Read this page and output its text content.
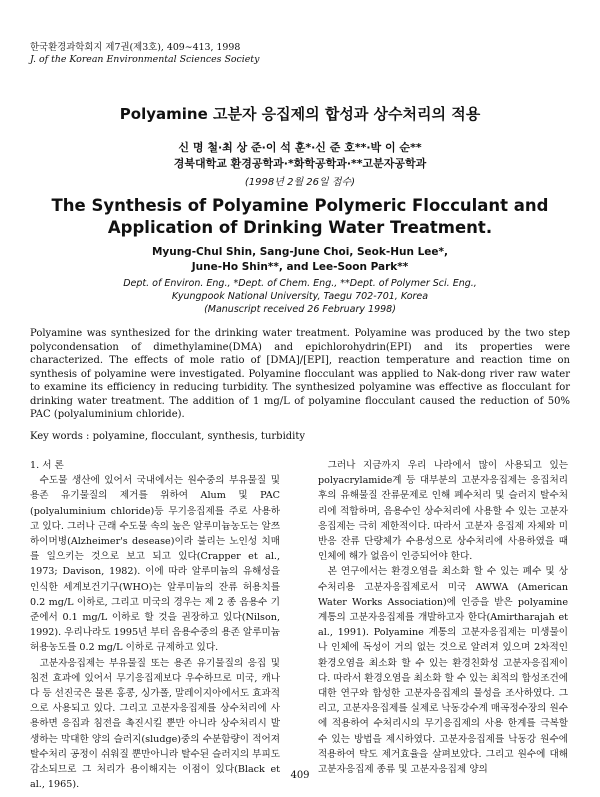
한국환경과학회지 제7권(제3호), 409∼413, 1998
J. of the Korean Environmental Sciences Society
Polyamine 고분자 응집제의 합성과 상수처리의 적용
신 명 철·최 상 준·이 석 훈*·신 준 호**·박 이 순**
경북대학교 환경공학과·*화학공학과·**고분자공학과
(1998년 2월 26일 접수)
The Synthesis of Polyamine Polymeric Flocculant and
Application of Drinking Water Treatment.
Myung-Chul Shin, Sang-June Choi, Seok-Hun Lee*,
June-Ho Shin**, and Lee-Soon Park**
Dept. of Environ. Eng., *Dept. of Chem. Eng., **Dept. of Polymer Sci. Eng.,
Kyungpook National University, Taegu 702-701, Korea
(Manuscript received 26 February 1998)
Polyamine was synthesized for the drinking water treatment. Polyamine was produced by the two step polycondensation of dimethylamine(DMA) and epichlorohydrin(EPI) and its properties were characterized. The effects of mole ratio of [DMA]/[EPI], reaction temperature and reaction time on synthesis of polyamine were investigated. Polyamine flocculant was applied to Nak-dong river raw water to examine its efficiency in reducing turbidity. The synthesized polyamine was effective as flocculant for drinking water treatment. The addition of 1 mg/L of polyamine flocculant caused the reduction of 50% PAC (polyaluminium chloride).
Key words : polyamine, flocculant, synthesis, turbidity

1. 서 론

수도물 생산에 있어서 국내에서는 원수중의 부유물질 및 용존 유기물질의 제거를 위하여 Alum 및 PAC (polyaluminium chloride)등 무기응집제를 주로 사용하고 있다. 그러나 근래 수도물 속의 높은 알루미늄농도는 알쯔하이머병(Alzheimer's desease)이라 불리는 노인성 치매를 일으키는 것으로 보고 되고 있다(Crapper et al., 1973; Davison, 1982). 이에 따라 알루미늄의 유해성을 인식한 세계보건기구(WHO)는 알루미늄의 잔류 허용치를 0.2 mg/L 이하로, 그리고 미국의 경우는 제 2 종 음용수 기준에서 0.1 mg/L 이하로 할 것을 권장하고 있다(Nilson, 1992). 우리나라도 1995년 부터 음용수중의 용존 알루미늄 허용농도를 0.2 mg/L 이하로 규제하고 있다.

고분자응집제는 부유물질 또는 용존 유기물질의 응집 및 침전 효과에 있어서 무기응집제보다 우수하므로 미국, 캐나다 등 선진국은 물론 홍콩, 싱가폴, 말레이지아에서도 효과적으로 사용되고 있다. 그리고 고분자응집제를 상수처리에 사용하면 응집과 침전을 촉진시킬 뿐만 아니라 상수처리시 발생하는 막대한 양의 슬러지(sludge)중의 수분함량이 적어져 탈수처리 공정이 쉬워질 뿐만아니라 탈수된 슬러지의 부피도 감소되므로 그 처리가 용이해지는 이점이 있다(Black et al., 1965).

그러나 지금까지 우리 나라에서 많이 사용되고 있는 polyacrylamide계 등 대부분의 고분자응집제는 응집처리후의 유해물질 잔류문제로 인해 폐수처리 및 슬러지 탈수처리에 적합하며, 음용수인 상수처리에 사용할 수 있는 고분자응집제는 극히 제한적이다. 따라서 고분자 응집제 자체와 미반응 잔류 단량체가 수용성으로 상수처리에 사용하였을 때 인체에 해가 없음이 인증되어야 한다.

본 연구에서는 환경오염을 최소화 할 수 있는 폐수 및 상수처리용 고분자응집제로서 미국 AWWA (American Water Works Association)에 인증을 받은 polyamine 계통의 고분자응집제를 개발하고자 한다(Amirtharajah et al., 1991). Polyamine 계통의 고분자응집제는 미생물이나 인체에 독성이 거의 없는 것으로 알려져 있으며 2차적인 환경오염을 최소화 할 수 있는 환경친화성 고분자응집제이다. 따라서 환경오염을 최소화 할 수 있는 최적의 합성조건에 대한 연구와 합성한 고분자응집제의 물성을 조사하였다. 그리고, 고분자응집제를 실제로 낙동강수계 매곡정수장의 원수에 적용하여 수처리시의 무기응집제의 사용 한계를 극복할 수 있는 방법을 제시하였다. 고분자응집제를 낙동강 원수에 적용하여 탁도 제거효율을 살펴보았다. 그리고 원수에 대해 고분자응집제 종류 및 고분자응집제 양의

409
